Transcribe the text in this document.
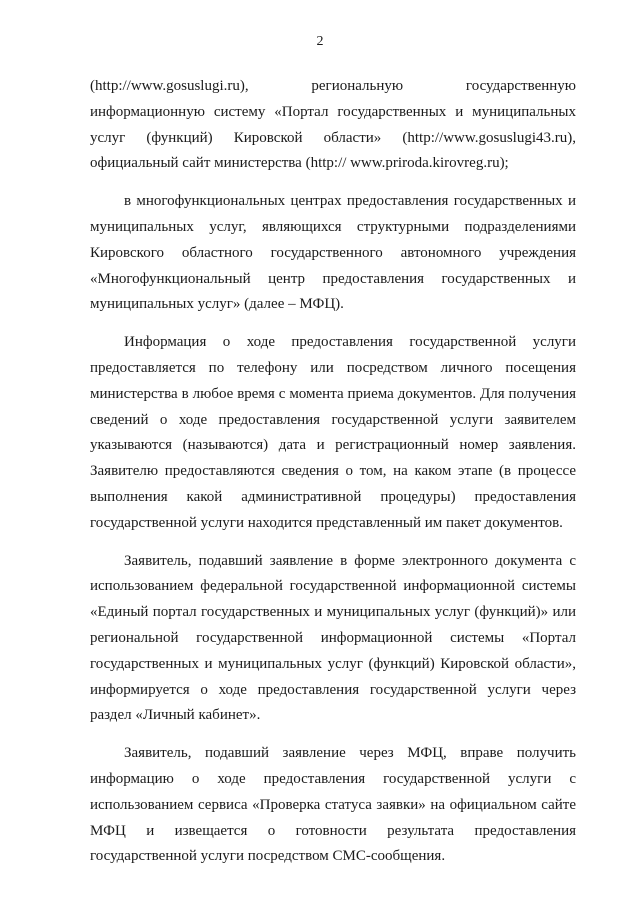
2

(http://www.gosuslugi.ru), региональную государственную информационную систему «Портал государственных и муниципальных услуг (функций) Кировской области» (http://www.gosuslugi43.ru), официальный сайт министерства (http:// www.priroda.kirovreg.ru);

в многофункциональных центрах предоставления государственных и муниципальных услуг, являющихся структурными подразделениями Кировского областного государственного автономного учреждения «Многофункциональный центр предоставления государственных и муниципальных услуг» (далее – МФЦ).

Информация о ходе предоставления государственной услуги предоставляется по телефону или посредством личного посещения министерства в любое время с момента приема документов. Для получения сведений о ходе предоставления государственной услуги заявителем указываются (называются) дата и регистрационный номер заявления. Заявителю предоставляются сведения о том, на каком этапе (в процессе выполнения какой административной процедуры) предоставления государственной услуги находится представленный им пакет документов.

Заявитель, подавший заявление в форме электронного документа с использованием федеральной государственной информационной системы «Единый портал государственных и муниципальных услуг (функций)» или региональной государственной информационной системы «Портал государственных и муниципальных услуг (функций) Кировской области», информируется о ходе предоставления государственной услуги через раздел «Личный кабинет».

Заявитель, подавший заявление через МФЦ, вправе получить информацию о ходе предоставления государственной услуги с использованием сервиса «Проверка статуса заявки» на официальном сайте МФЦ и извещается о готовности результата предоставления государственной услуги посредством СМС-сообщения.
